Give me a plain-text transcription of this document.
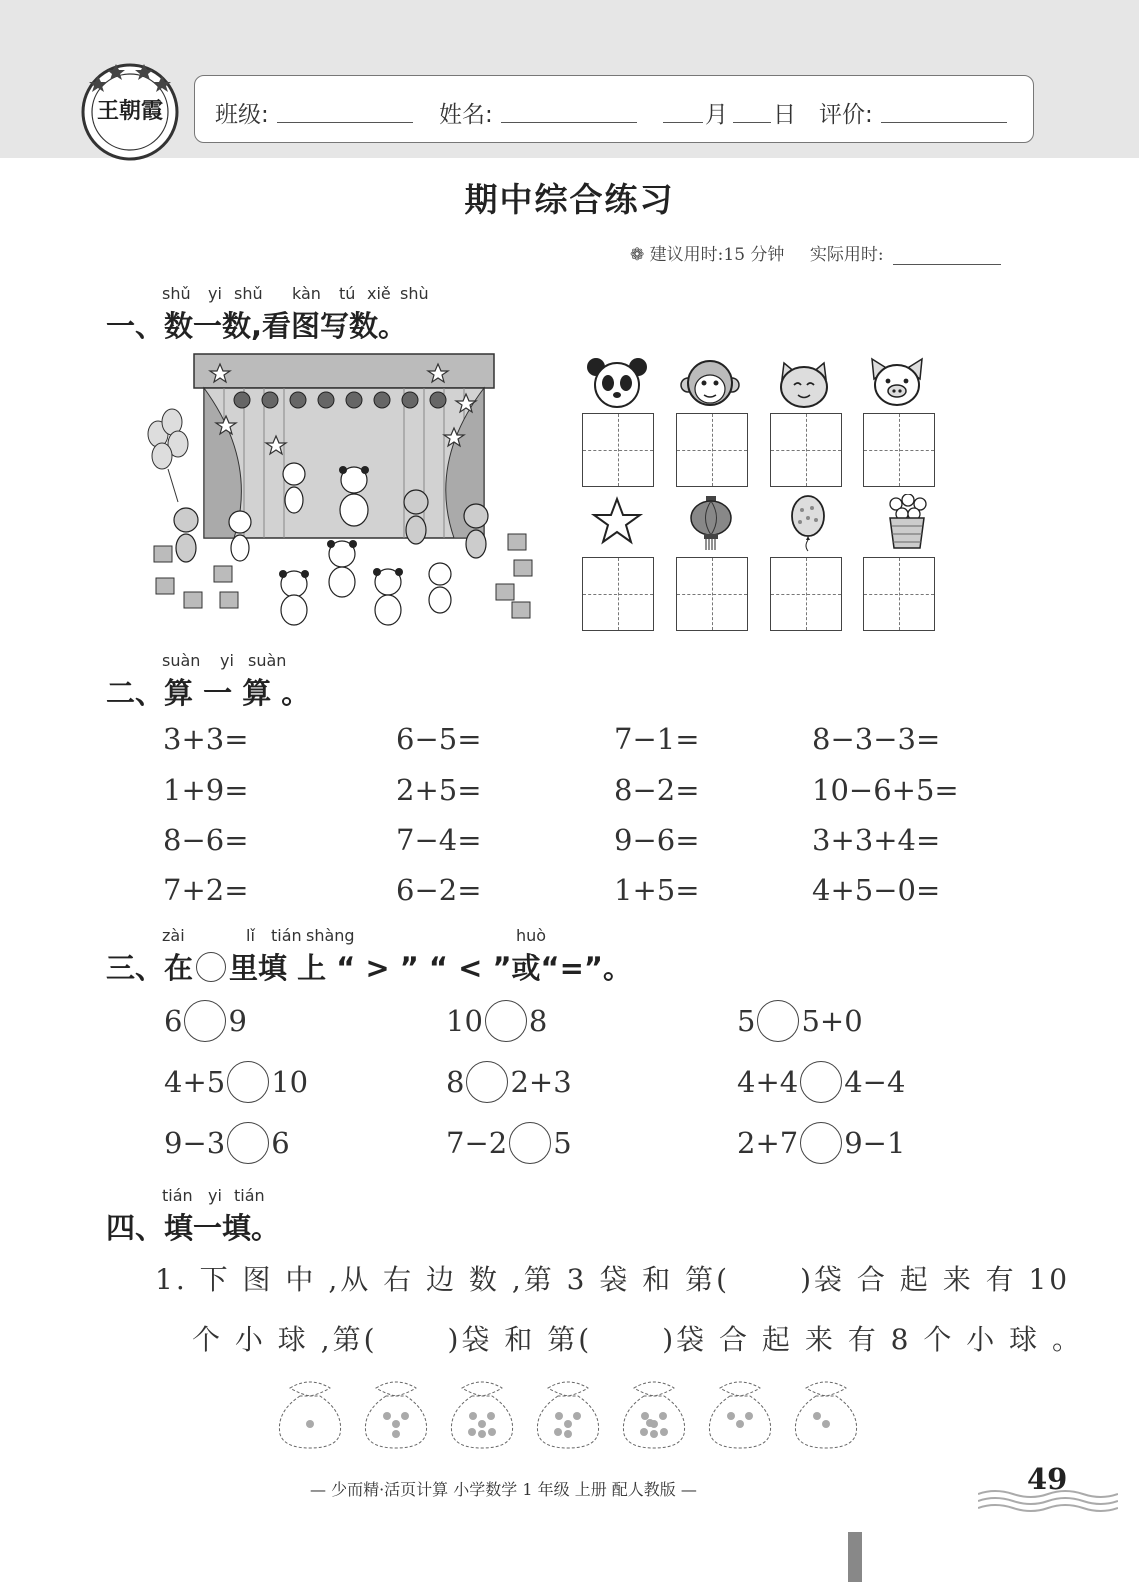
王朝霞 班级:	姓名:	月 日 评价:
期中综合练习
❁ 建议用时:15 分钟 实际用时:
shǔ yi shǔ kàn tú xiě shù
一、数一数,看图写数。
suàn yi suàn
二、算 一 算 。
3+3=	6−5=	7−1=	8−3−3=
1+9=	2+5=	8−2=	10−6+5=
8−6=	7−4=	9−6=	3+3+4=
7+2=	6−2=	1+5=	4+5−0=
zài	lǐ tián shàng	huò
三、在 里填 上 “ > ” “ < ”或“=”。
6 9	10 8	5 5+0
4+5 10	8 2+3	4+4 4−4
9−3 6	7−2 5	2+7 9−1
tián yi tián
四、填一填。
1. 下 图 中 ,从 右 边 数 ,第 3 袋 和 第(	)袋 合 起 来 有 10
个 小 球 ,第(	)袋 和 第(	)袋 合 起 来 有 8 个 小 球 。
— 少而精·活页计算 小学数学 1 年级 上册 配人教版 —	49
